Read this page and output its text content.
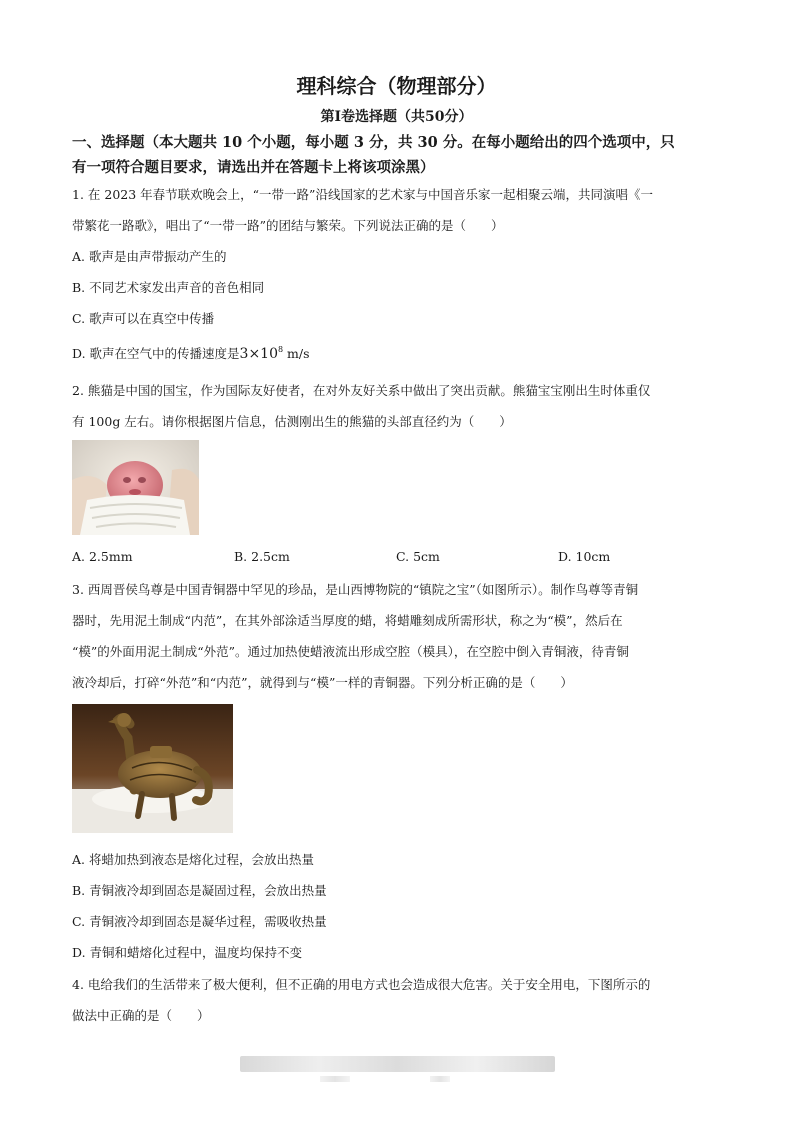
理科综合（物理部分）
第Ⅰ卷选择题（共50分）
一、选择题（本大题共 10 个小题，每小题 3 分，共 30 分。在每小题给出的四个选项中，只
有一项符合题目要求，请选出并在答题卡上将该项涂黑）
1. 在 2023 年春节联欢晚会上，“一带一路”沿线国家的艺术家与中国音乐家一起相聚云端，共同演唱《一
带繁花一路歌》，唱出了“一带一路”的团结与繁荣。下列说法正确的是（　　）
A. 歌声是由声带振动产生的
B. 不同艺术家发出声音的音色相同
C. 歌声可以在真空中传播
D. 歌声在空气中的传播速度是$3\times 10^8$ m/s
2. 熊猫是中国的国宝，作为国际友好使者，在对外友好关系中做出了突出贡献。熊猫宝宝刚出生时体重仅
有 100g 左右。请你根据图片信息，估测刚出生的熊猫的头部直径约为（　　）
A. 2.5mm	B. 2.5cm	C. 5cm	D. 10cm
3. 西周晋侯鸟尊是中国青铜器中罕见的珍品，是山西博物院的“镇院之宝”（如图所示）。制作鸟尊等青铜
器时，先用泥土制成“内范”，在其外部涂适当厚度的蜡，将蜡雕刻成所需形状，称之为“模”，然后在
“模”的外面用泥土制成“外范”。通过加热使蜡液流出形成空腔（模具），在空腔中倒入青铜液，待青铜
液冷却后，打碎“外范”和“内范”，就得到与“模”一样的青铜器。下列分析正确的是（　　）
A. 将蜡加热到液态是熔化过程，会放出热量
B. 青铜液冷却到固态是凝固过程，会放出热量
C. 青铜液冷却到固态是凝华过程，需吸收热量
D. 青铜和蜡熔化过程中，温度均保持不变
4. 电给我们的生活带来了极大便利，但不正确的用电方式也会造成很大危害。关于安全用电，下图所示的
做法中正确的是（　　）
